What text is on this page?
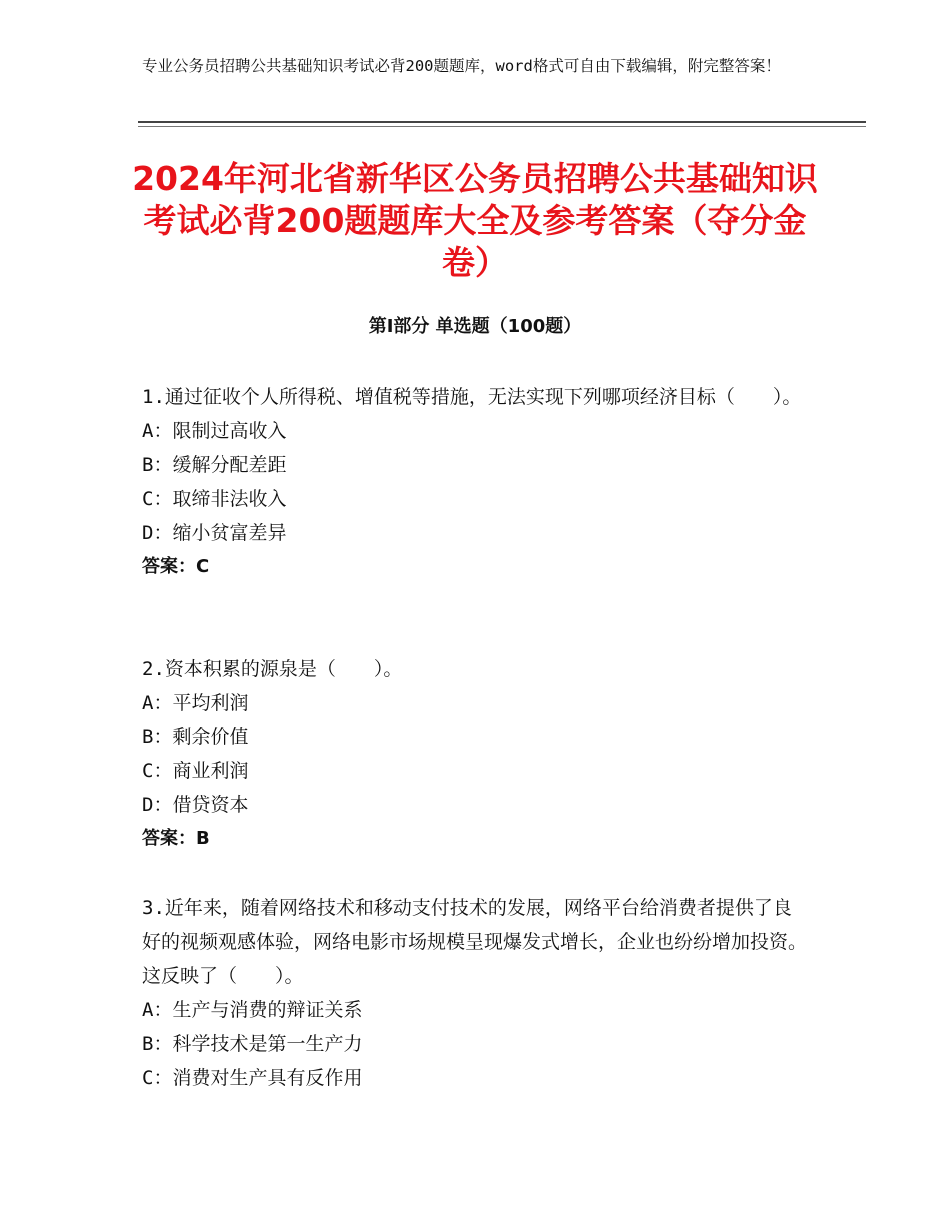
专业公务员招聘公共基础知识考试必背200题题库，word格式可自由下载编辑，附完整答案！
2024年河北省新华区公务员招聘公共基础知识考试必背200题题库大全及参考答案（夺分金卷）
第Ⅰ部分 单选题（100题）

1.通过征收个人所得税、增值税等措施，无法实现下列哪项经济目标（　　）。

A：限制过高收入

B：缓解分配差距

C：取缔非法收入

D：缩小贫富差异

答案：C

2.资本积累的源泉是（　　）。

A：平均利润

B：剩余价值

C：商业利润

D：借贷资本

答案：B

3.近年来，随着网络技术和移动支付技术的发展，网络平台给消费者提供了良好的视频观感体验，网络电影市场规模呈现爆发式增长，企业也纷纷增加投资。这反映了（　　）。

A：生产与消费的辩证关系

B：科学技术是第一生产力

C：消费对生产具有反作用
